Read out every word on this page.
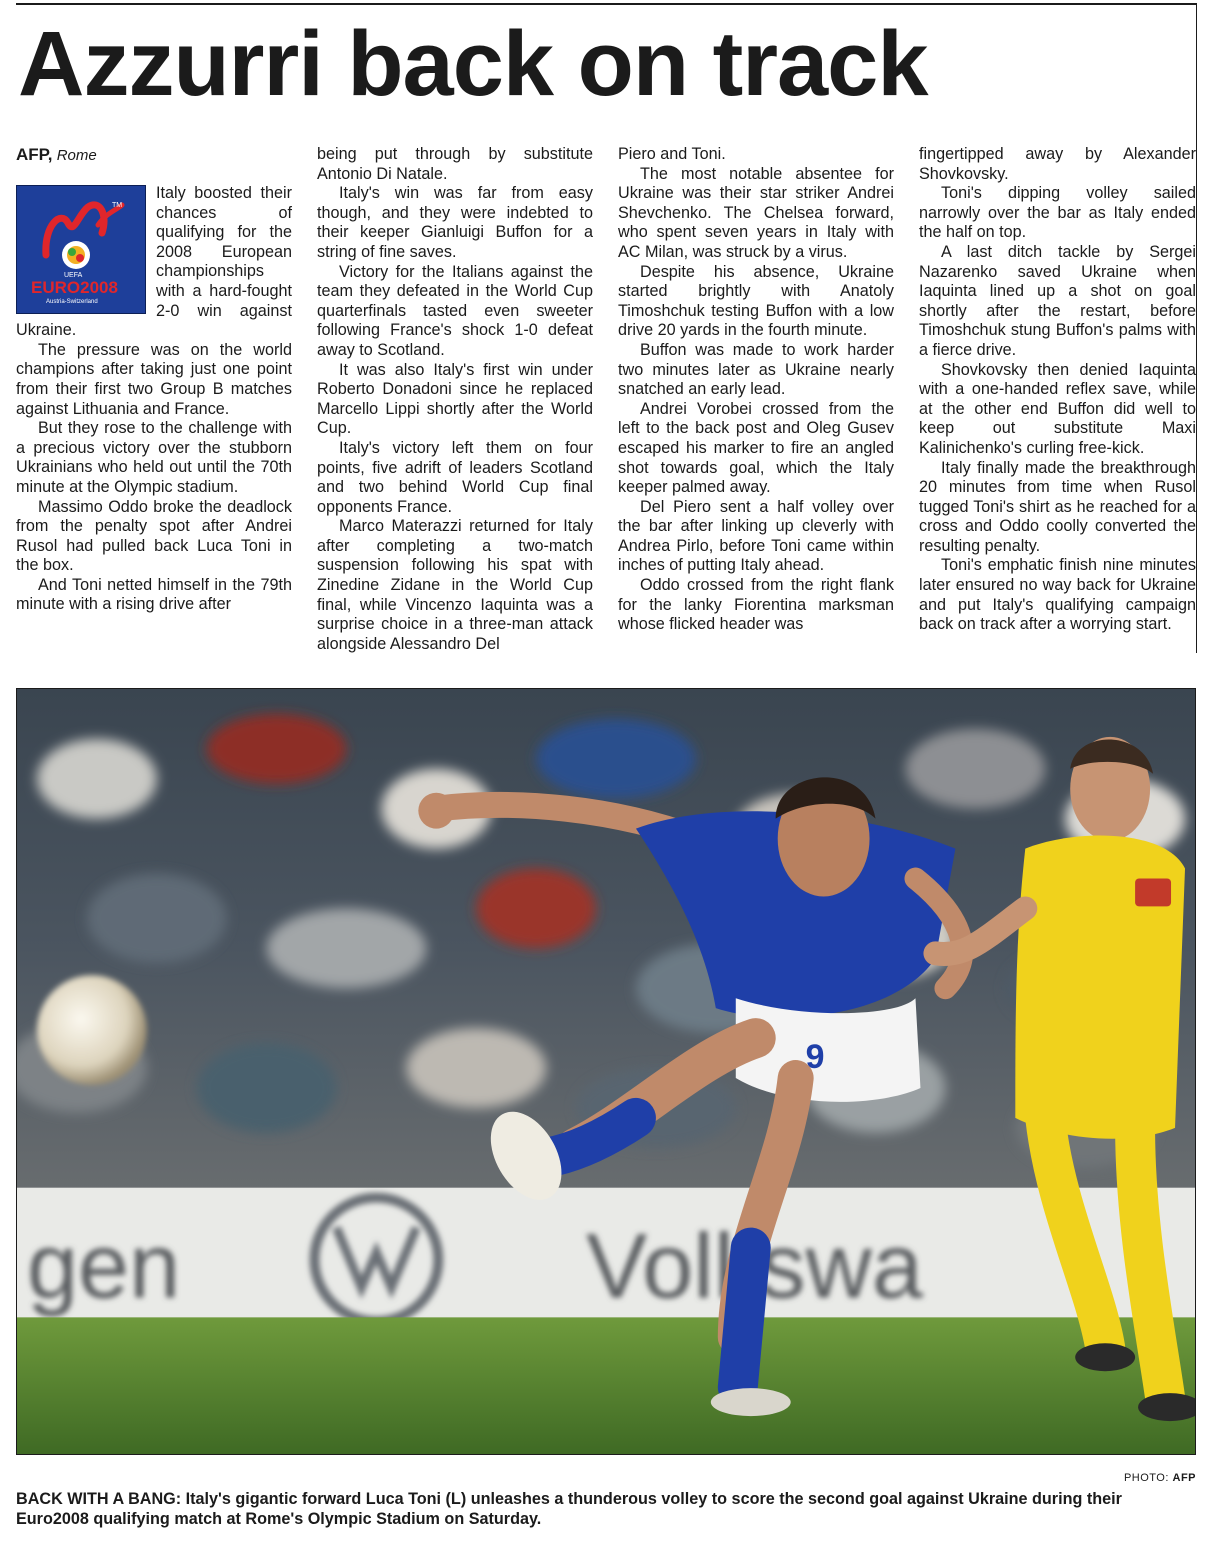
Azzurri back on track
AFP, Rome
TM
UEFA
EURO2008
Austria-Switzerland

Italy boosted their chances of qualifying for the 2008 European championships with a hard-fought 2-0 win against Ukraine.

The pressure was on the world champions after taking just one point from their first two Group B matches against Lithuania and France.

But they rose to the challenge with a precious victory over the stubborn Ukrainians who held out until the 70th minute at the Olympic stadium.

Massimo Oddo broke the deadlock from the penalty spot after Andrei Rusol had pulled back Luca Toni in the box.

And Toni netted himself in the 79th minute with a rising drive after

being put through by substitute Antonio Di Natale.

Italy's win was far from easy though, and they were indebted to their keeper Gianluigi Buffon for a string of fine saves.

Victory for the Italians against the team they defeated in the World Cup quarterfinals tasted even sweeter following France's shock 1-0 defeat away to Scotland.

It was also Italy's first win under Roberto Donadoni since he replaced Marcello Lippi shortly after the World Cup.

Italy's victory left them on four points, five adrift of leaders Scotland and two behind World Cup final opponents France.

Marco Materazzi returned for Italy after completing a two-match suspension following his spat with Zinedine Zidane in the World Cup final, while Vincenzo Iaquinta was a surprise choice in a three-man attack alongside Alessandro Del

Piero and Toni.

The most notable absentee for Ukraine was their star striker Andrei Shevchenko. The Chelsea forward, who spent seven years in Italy with AC Milan, was struck by a virus.

Despite his absence, Ukraine started brightly with Anatoly Timoshchuk testing Buffon with a low drive 20 yards in the fourth minute.

Buffon was made to work harder two minutes later as Ukraine nearly snatched an early lead.

Andrei Vorobei crossed from the left to the back post and Oleg Gusev escaped his marker to fire an angled shot towards goal, which the Italy keeper palmed away.

Del Piero sent a half volley over the bar after linking up cleverly with Andrea Pirlo, before Toni came within inches of putting Italy ahead.

Oddo crossed from the right flank for the lanky Fiorentina marksman whose flicked header was

fingertipped away by Alexander Shovkovsky.

Toni's dipping volley sailed narrowly over the bar as Italy ended the half on top.

A last ditch tackle by Sergei Nazarenko saved Ukraine when Iaquinta lined up a shot on goal shortly after the restart, before Timoshchuk stung Buffon's palms with a fierce drive.

Shovkovsky then denied Iaquinta with a one-handed reflex save, while at the other end Buffon did well to keep out substitute Maxi Kalinichenko's curling free-kick.

Italy finally made the breakthrough 20 minutes from time when Rusol tugged Toni's shirt as he reached for a cross and Oddo coolly converted the resulting penalty.

Toni's emphatic finish nine minutes later ensured no way back for Ukraine and put Italy's qualifying campaign back on track after a worrying start.

gen	Volkswa
9
PHOTO: AFP
BACK WITH A BANG: Italy's gigantic forward Luca Toni (L) unleashes a thunderous volley to score the second goal against Ukraine during their Euro2008 qualifying match at Rome's Olympic Stadium on Saturday.
